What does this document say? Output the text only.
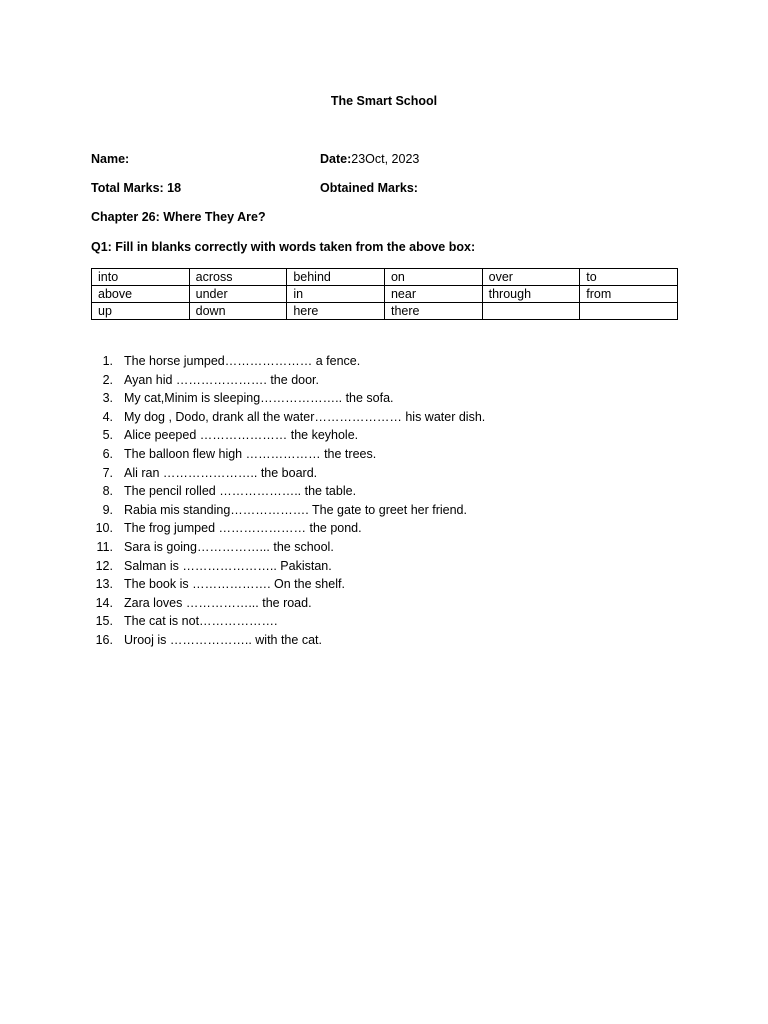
The Smart School
Name:	Date:23Oct, 2023
Total Marks: 18	Obtained Marks:
Chapter 26: Where They Are?
Q1: Fill in blanks correctly with words taken from the above box:
into	across	behind	on	over	to
above	under	in	near	through	from
up	down	here	there		
1. The horse jumped………………… a fence.
2. Ayan hid …………………. the door.
3. My cat,Minim is sleeping……………….. the sofa.
4. My dog , Dodo, drank all the water………………… his water dish.
5. Alice peeped ………………… the keyhole.
6. The balloon flew high ……………… the trees.
7. Ali ran ………………….. the board.
8. The pencil rolled ……………….. the table.
9. Rabia mis standing………………. The gate to greet her friend.
10. The frog jumped ………………… the pond.
11. Sara is going……………... the school.
12. Salman is ………………….. Pakistan.
13. The book is ………………. On the shelf.
14. Zara loves ……………... the road.
15. The cat is not……………….
16. Urooj is ……………….. with the cat.
